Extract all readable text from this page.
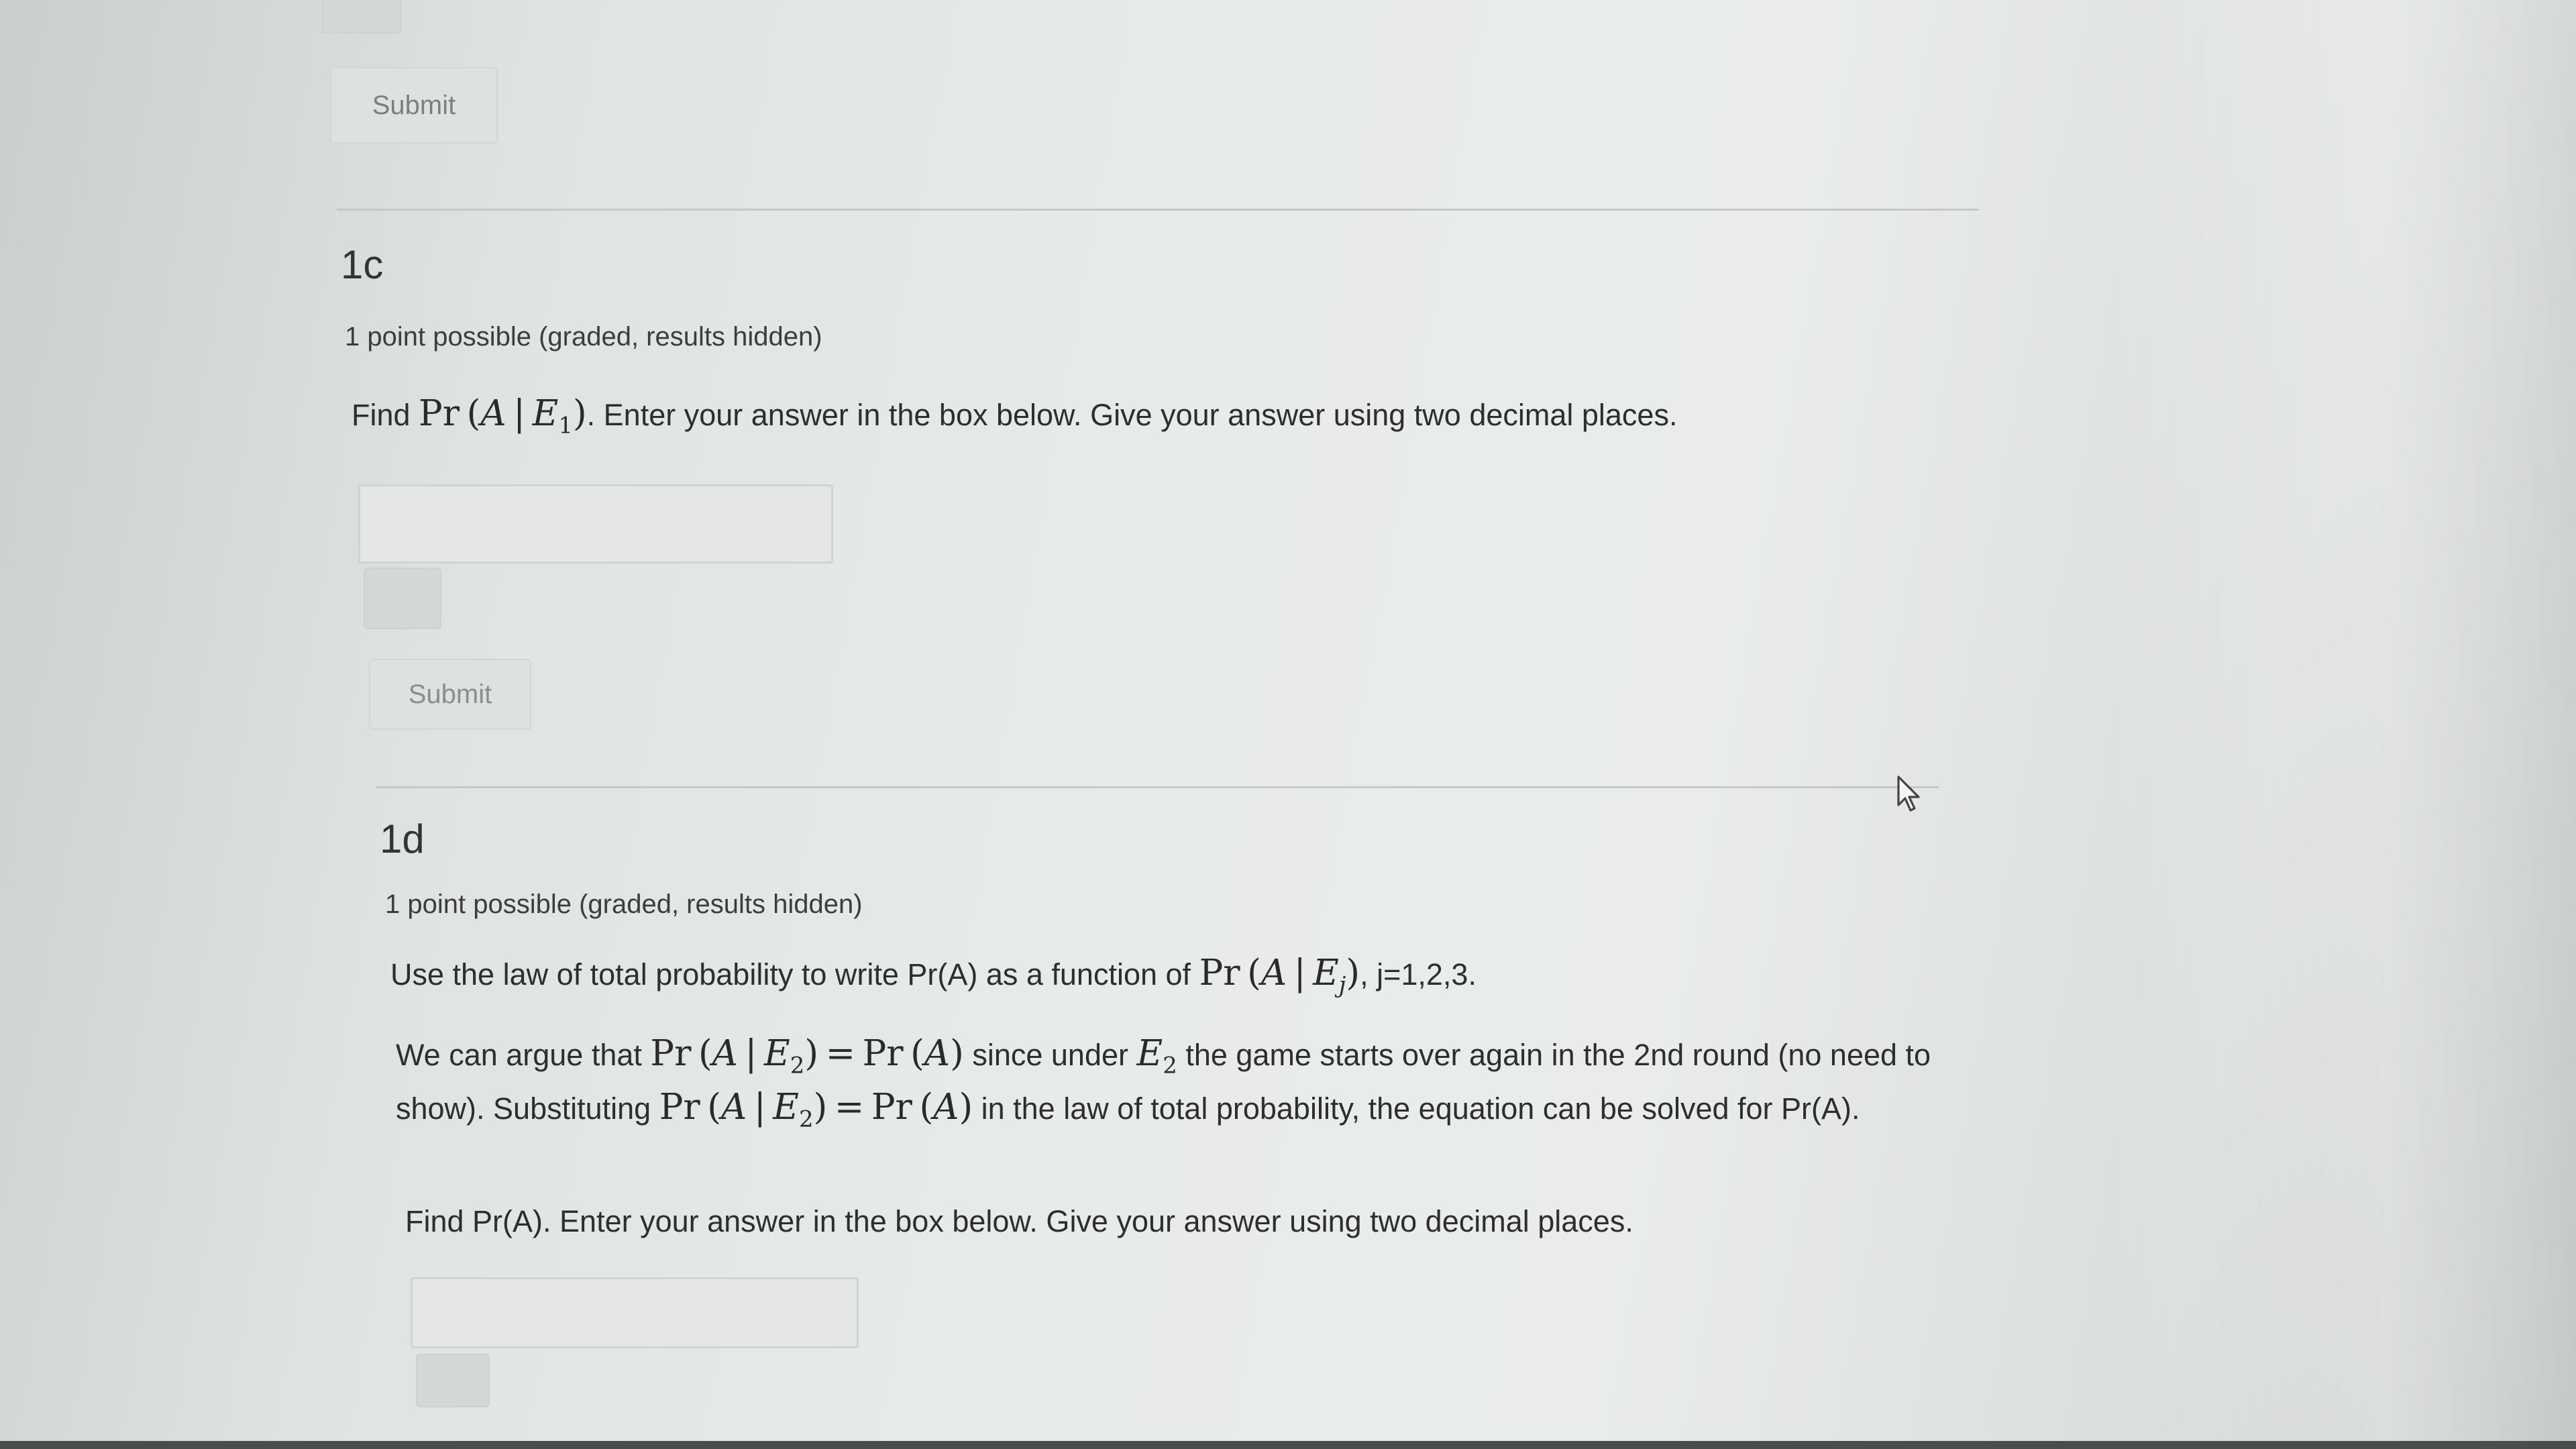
Submit
1c
1 point possible (graded, results hidden)
Find Pr (A | $E_1$). Enter your answer in the box below. Give your answer using two decimal places.
Submit
1d
1 point possible (graded, results hidden)
Use the law of total probability to write Pr(A) as a function of Pr (A | $E_j$), j=1,2,3.
We can argue that Pr (A | $E_2) = Pr$ (A) since under $E_2$ the game starts over again in the 2nd round (no need to show). Substituting Pr (A | $E_2) = Pr$ (A) in the law of total probability, the equation can be solved for Pr(A).
Find Pr(A). Enter your answer in the box below. Give your answer using two decimal places.
